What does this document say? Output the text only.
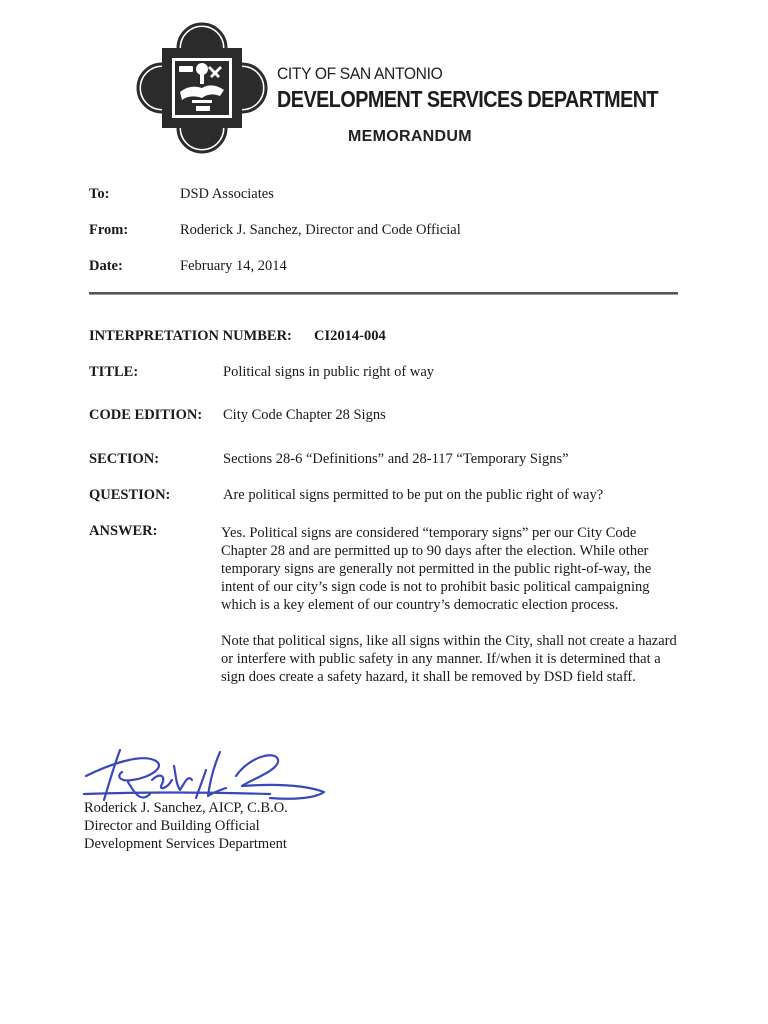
CITY OF SAN ANTONIO
DEVELOPMENT SERVICES DEPARTMENT
MEMORANDUM
To:	DSD Associates
From:	Roderick J. Sanchez, Director and Code Official
Date:	February 14, 2014
INTERPRETATION NUMBER: CI2014-004
TITLE:	Political signs in public right of way
CODE EDITION: City Code Chapter 28 Signs
SECTION:	Sections 28-6 “Definitions” and 28-117 “Temporary Signs”
QUESTION:	Are political signs permitted to be put on the public right of way?
ANSWER:	Yes. Political signs are considered “temporary signs” per our City Code Chapter 28 and are permitted up to 90 days after the election. While other temporary signs are generally not permitted in the public right-of-way, the intent of our city’s sign code is not to prohibit basic political campaigning which is a key element of our country’s democratic election process.

Note that political signs, like all signs within the City, shall not create a hazard or interfere with public safety in any manner. If/when it is determined that a sign does create a safety hazard, it shall be removed by DSD field staff.

Roderick J. Sanchez, AICP, C.B.O.
Director and Building Official
Development Services Department
